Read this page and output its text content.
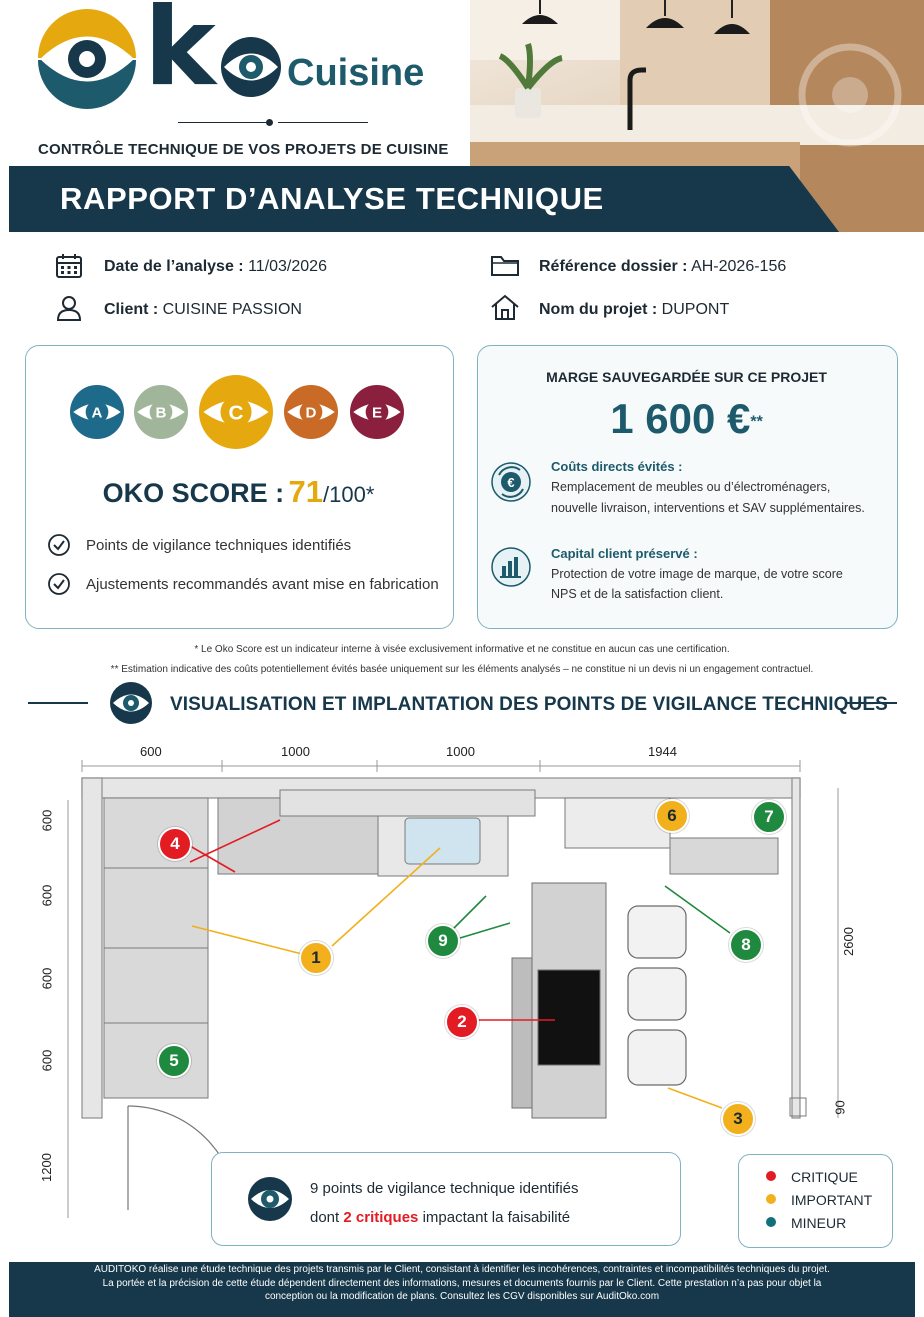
k Cuisine
CONTRÔLE TECHNIQUE DE VOS PROJETS DE CUISINE
RAPPORT D’ANALYSE TECHNIQUE
Date de l’analyse : 11/03/2026
Client : CUISINE PASSION
Référence dossier : AH-2026-156
Nom du projet : DUPONT
A	B	C	D	E
OKO SCORE : 71/100*
Points de vigilance techniques identifiés
Ajustements recommandés avant mise en fabrication
MARGE SAUVEGARDÉE SUR CE PROJET
1 600 €**
€
Coûts directs évités :
Remplacement de meubles ou d’électroménagers,
nouvelle livraison, interventions et SAV supplémentaires.
Capital client préservé :
Protection de votre image de marque, de votre score
NPS et de la satisfaction client.
* Le Oko Score est un indicateur interne à visée exclusivement informative et ne constitue en aucun cas une certification.
** Estimation indicative des coûts potentiellement évités basée uniquement sur les éléments analysés – ne constitue ni un devis ni un engagement contractuel.
VISUALISATION ET IMPLANTATION DES POINTS DE VIGILANCE TECHNIQUES
600	1000	1000	1944
600
600
600
600
1200
2600
90
1
2
3
4
5
6	7
8
9
9 points de vigilance technique identifiés
dont 2 critiques impactant la faisabilité
CRITIQUE
IMPORTANT
MINEUR
AUDITOKO réalise une étude technique des projets transmis par le Client, consistant à identifier les incohérences, contraintes et incompatibilités techniques du projet.
La portée et la précision de cette étude dépendent directement des informations, mesures et documents fournis par le Client. Cette prestation n’a pas pour objet la
conception ou la modification de plans. Consultez les CGV disponibles sur AuditOko.com
